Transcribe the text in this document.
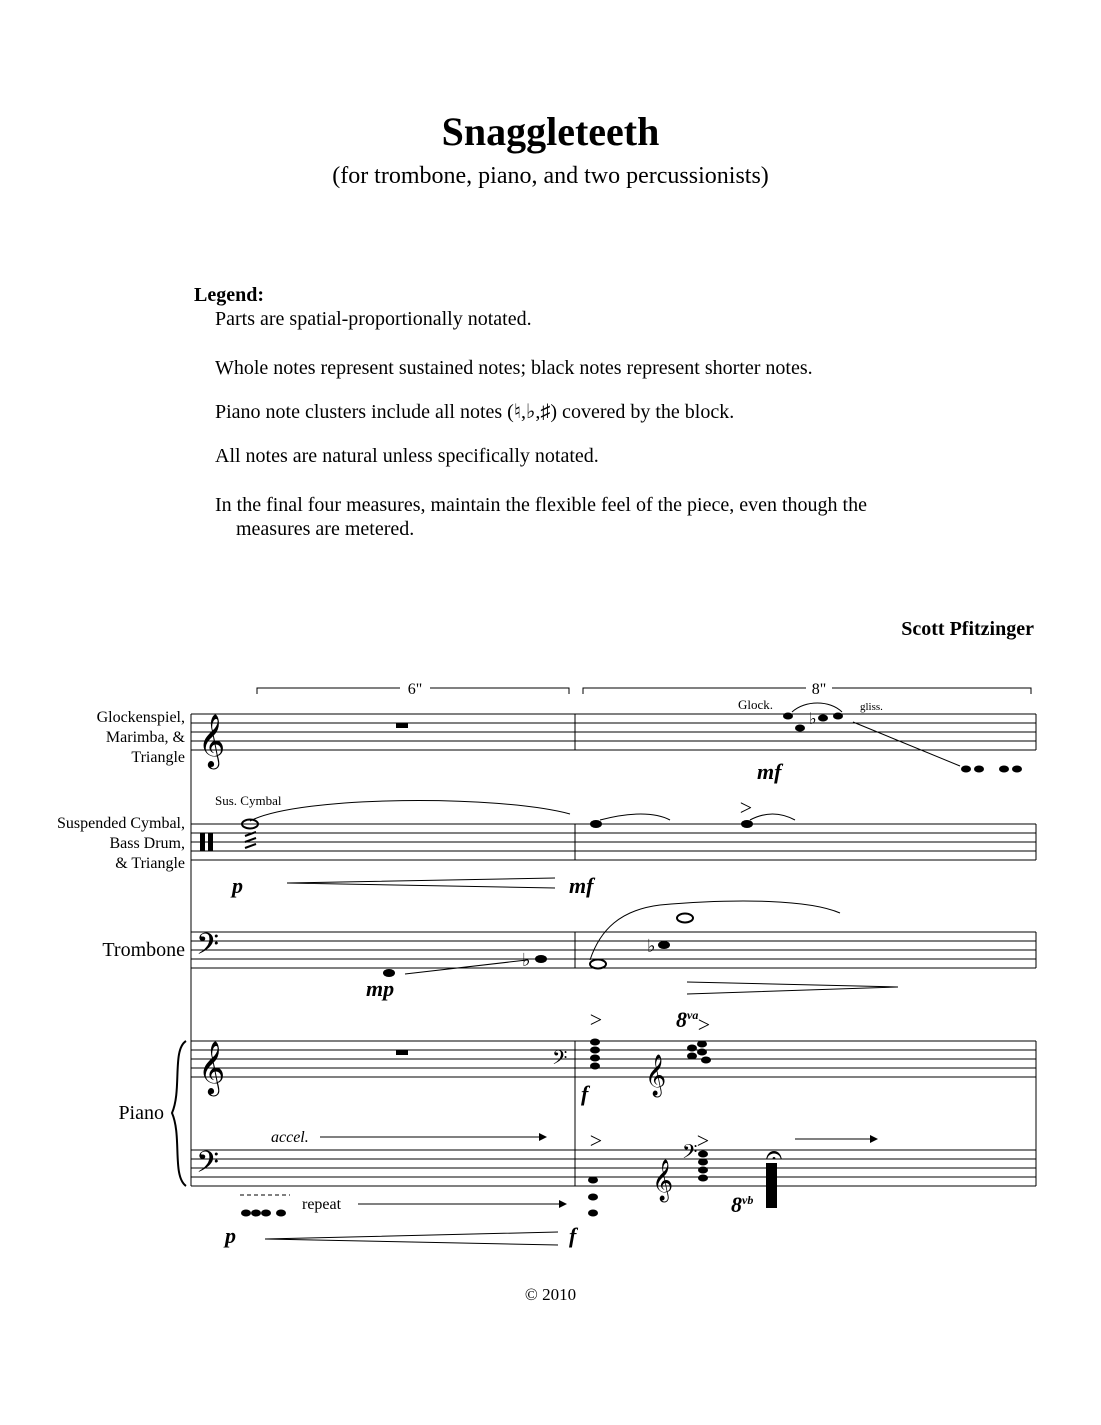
Snaggleteeth
(for trombone, piano, and two percussionists)
Legend:
Parts are spatial-proportionally notated.
Whole notes represent sustained notes; black notes represent shorter notes.
Piano note clusters include all notes (♮,♭,♯) covered by the block.
All notes are natural unless specifically notated.
In the final four measures, maintain the flexible feel of the piece, even though the
measures are metered.
Scott Pfitzinger
Glockenspiel,
Marimba, &
Triangle
Suspended Cymbal,
Bass Drum,
& Triangle
Trombone
Piano
6"	8"
𝄞
𝄢
𝄞
𝄢
𝄢 𝄞
𝄞
𝄢
♭
♭
♭
𝄐
>
>	>
>	>
Glock.	gliss.
Sus. Cymbal
accel.
repeat
$8^{va}$
$8^{vb}$
mf
p	mf
mp
f
p	f
© 2010
